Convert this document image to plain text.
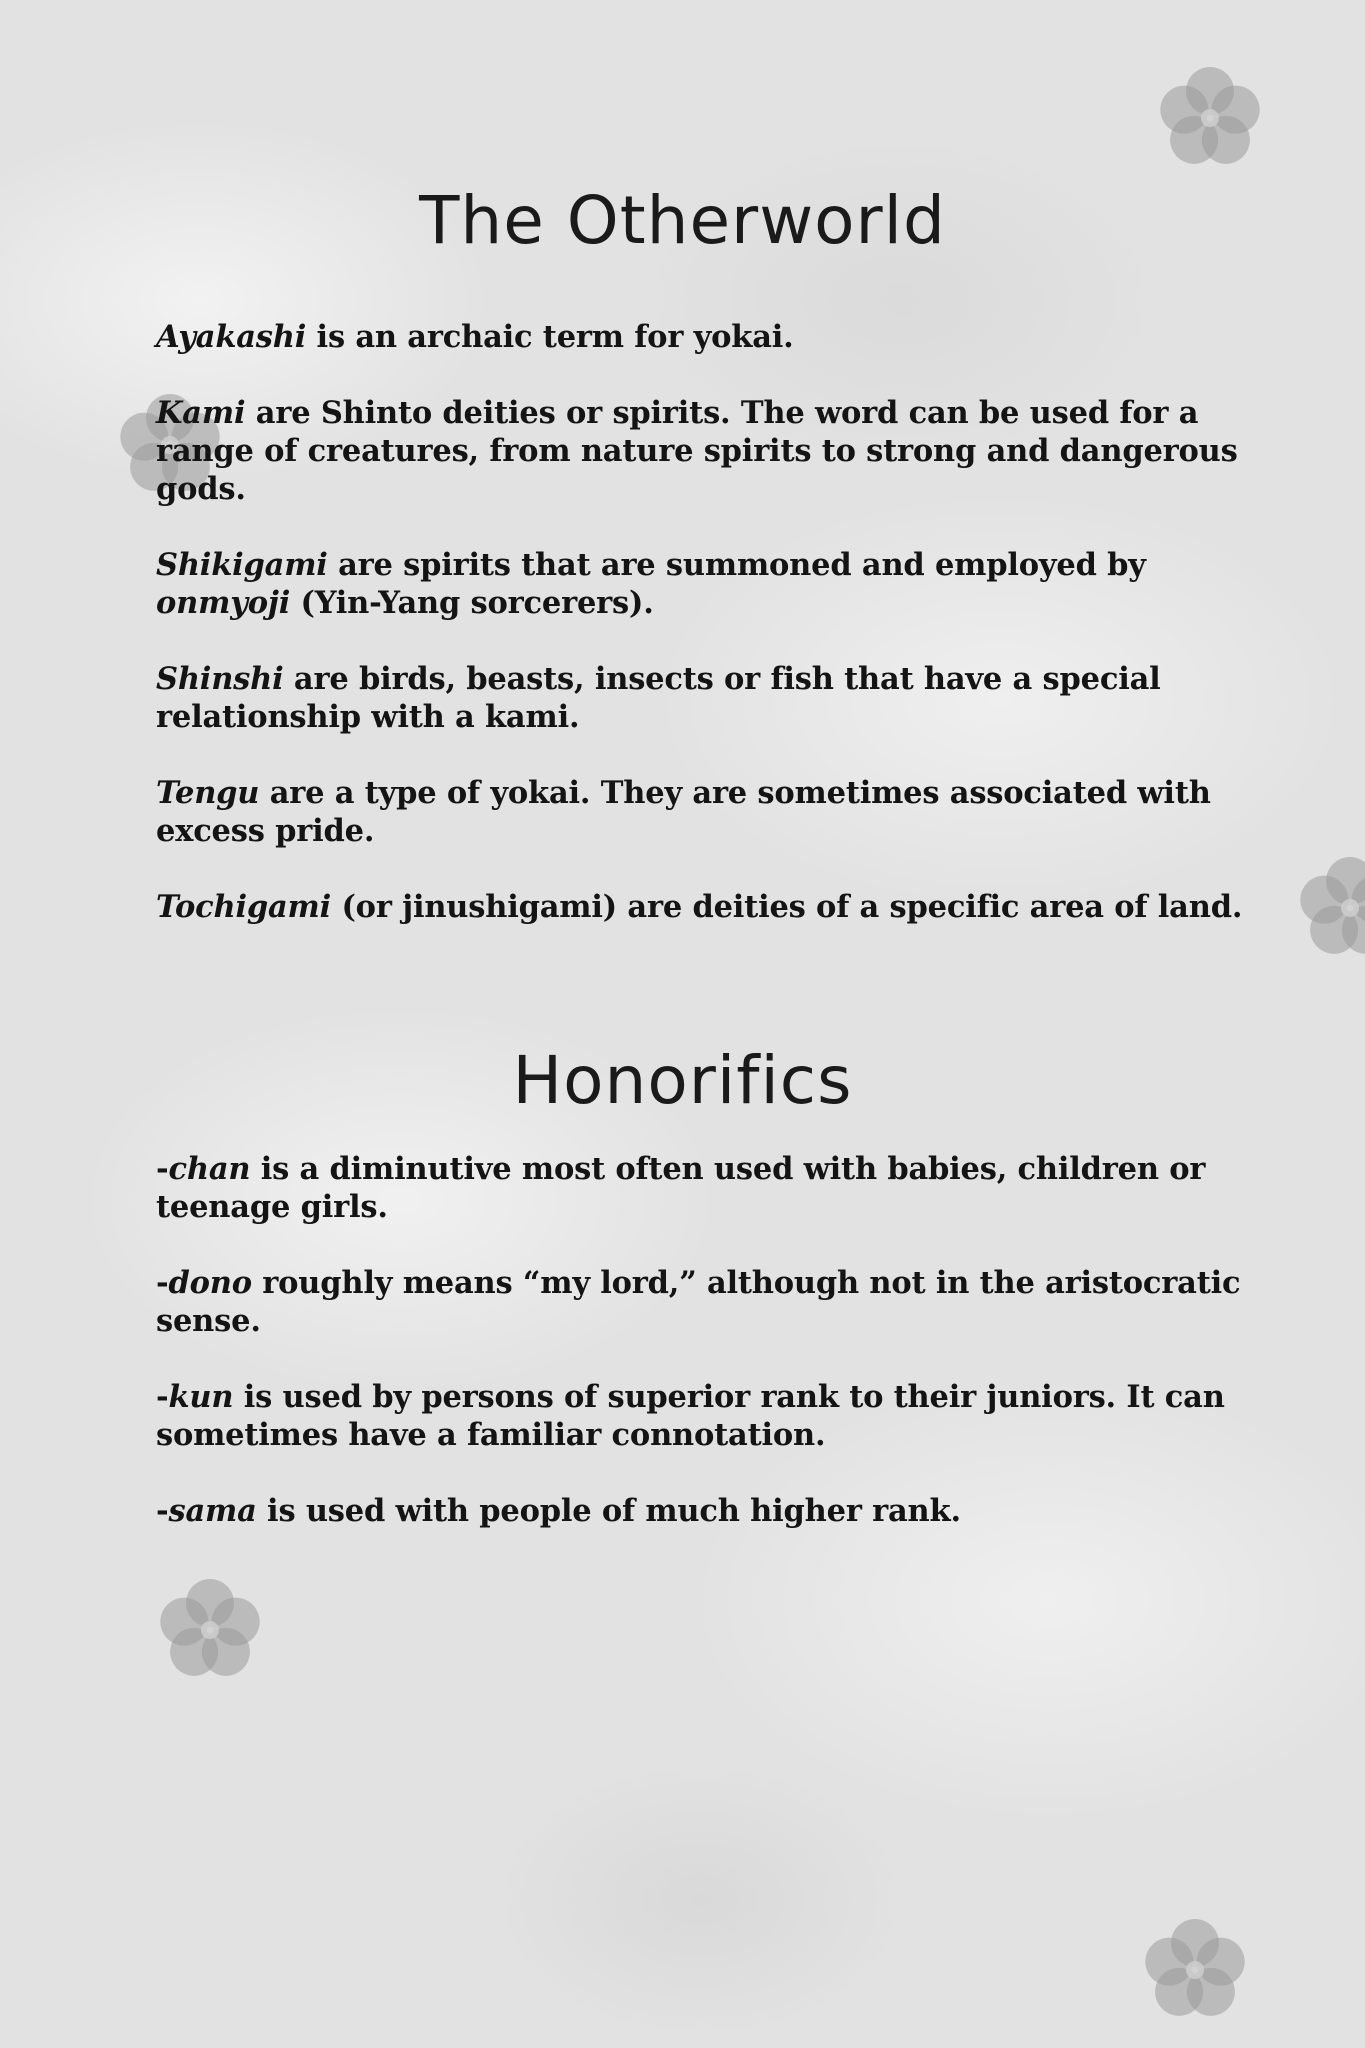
The Otherworld
Ayakashi is an archaic term for yokai.
Kami are Shinto deities or spirits. The word can be used for a range of creatures, from nature spirits to strong and dangerous gods.
Shikigami are spirits that are summoned and employed by onmyoji (Yin-Yang sorcerers).
Shinshi are birds, beasts, insects or fish that have a special relationship with a kami.
Tengu are a type of yokai. They are sometimes associated with excess pride.
Tochigami (or jinushigami) are deities of a specific area of land.
Honorifics
-chan is a diminutive most often used with babies, children or teenage girls.
-dono roughly means “my lord,” although not in the aristocratic sense.
-kun is used by persons of superior rank to their juniors. It can sometimes have a familiar connotation.
-sama is used with people of much higher rank.
